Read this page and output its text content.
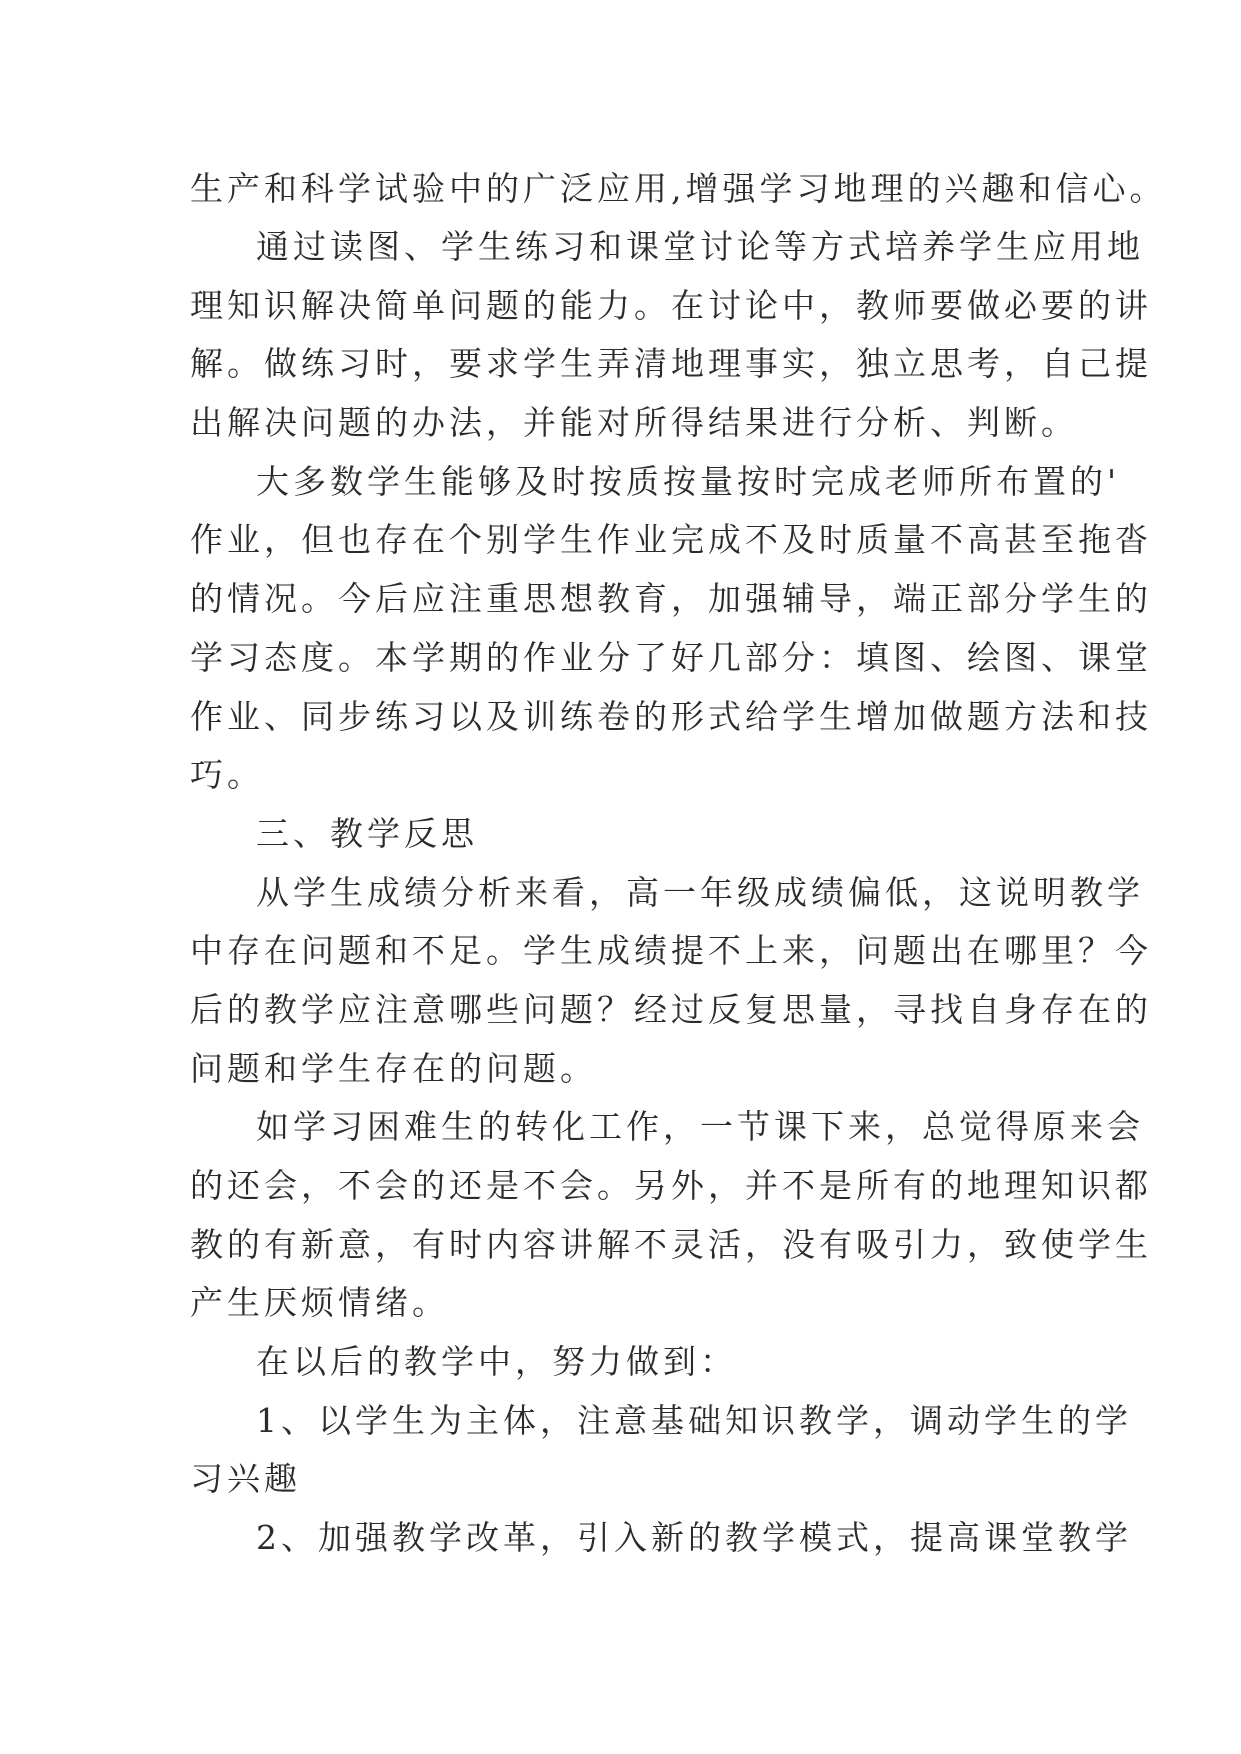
生产和科学试验中的广泛应用,增强学习地理的兴趣和信心。
通过读图、学生练习和课堂讨论等方式培养学生应用地
理知识解决简单问题的能力。在讨论中，教师要做必要的讲
解。做练习时，要求学生弄清地理事实，独立思考，自己提
出解决问题的办法，并能对所得结果进行分析、判断。
大多数学生能够及时按质按量按时完成老师所布置的'
作业，但也存在个别学生作业完成不及时质量不高甚至拖沓
的情况。今后应注重思想教育，加强辅导，端正部分学生的
学习态度。本学期的作业分了好几部分：填图、绘图、课堂
作业、同步练习以及训练卷的形式给学生增加做题方法和技
巧。
三、教学反思
从学生成绩分析来看，高一年级成绩偏低，这说明教学
中存在问题和不足。学生成绩提不上来，问题出在哪里？今
后的教学应注意哪些问题？经过反复思量，寻找自身存在的
问题和学生存在的问题。
如学习困难生的转化工作，一节课下来，总觉得原来会
的还会，不会的还是不会。另外，并不是所有的地理知识都
教的有新意，有时内容讲解不灵活，没有吸引力，致使学生
产生厌烦情绪。
在以后的教学中，努力做到：
1、以学生为主体，注意基础知识教学，调动学生的学
习兴趣
2、加强教学改革，引入新的教学模式，提高课堂教学
